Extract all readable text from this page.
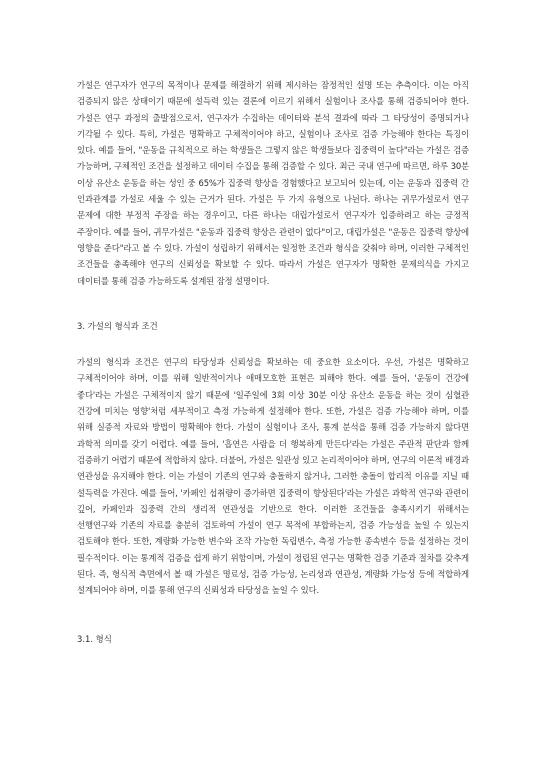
가설은 연구자가 연구의 목적이나 문제를 해결하기 위해 제시하는 잠정적인 설명 또는 추측이다. 이는 아직 검증되지 않은 상태이기 때문에 설득력 있는 결론에 이르기 위해서 실험이나 조사를 통해 검증되어야 한다. 가설은 연구 과정의 출발점으로서, 연구자가 수집하는 데이터와 분석 결과에 따라 그 타당성이 증명되거나 기각될 수 있다. 특히, 가설은 명확하고 구체적이어야 하고, 실험이나 조사로 검증 가능해야 한다는 특징이 있다. 예를 들어, "운동을 규칙적으로 하는 학생들은 그렇지 않은 학생들보다 집중력이 높다"라는 가설은 검증 가능하며, 구체적인 조건을 설정하고 데이터 수집을 통해 검증할 수 있다. 최근 국내 연구에 따르면, 하루 30분 이상 유산소 운동을 하는 성인 중 65%가 집중력 향상을 경험했다고 보고되어 있는데, 이는 운동과 집중력 간 인과관계를 가설로 세울 수 있는 근거가 된다. 가설은 두 가지 유형으로 나뉜다. 하나는 귀무가설로서 연구 문제에 대한 부정적 주장을 하는 경우이고, 다른 하나는 대립가설로서 연구자가 입증하려고 하는 긍정적 주장이다. 예를 들어, 귀무가설은 "운동과 집중력 향상은 관련이 없다"이고, 대립가설은 "운동은 집중력 향상에 영향을 준다"라고 볼 수 있다. 가설이 성립하기 위해서는 일정한 조건과 형식을 갖춰야 하며, 이러한 구체적인 조건들을 충족해야 연구의 신뢰성을 확보할 수 있다. 따라서 가설은 연구자가 명확한 문제의식을 가지고 데이터를 통해 검증 가능하도록 설계된 잠정 설명이다.

3. 가설의 형식과 조건

가설의 형식과 조건은 연구의 타당성과 신뢰성을 확보하는 데 중요한 요소이다. 우선, 가설은 명확하고 구체적이어야 하며, 이를 위해 일반적이거나 애매모호한 표현은 피해야 한다. 예를 들어, '운동이 건강에 좋다'라는 가설은 구체적이지 않기 때문에 '일주일에 3회 이상 30분 이상 유산소 운동을 하는 것이 심혈관 건강에 미치는 영향'처럼 세부적이고 측정 가능하게 설정해야 한다. 또한, 가설은 검증 가능해야 하며, 이를 위해 실증적 자료와 방법이 명확해야 한다. 가설이 실험이나 조사, 통계 분석을 통해 검증 가능하지 않다면 과학적 의미를 갖기 어렵다. 예를 들어, '흡연은 사람을 더 행복하게 만든다'라는 가설은 주관적 판단과 함께 검증하기 어렵기 때문에 적합하지 않다. 더불어, 가설은 일관성 있고 논리적이어야 하며, 연구의 이론적 배경과 연관성을 유지해야 한다. 이는 가설이 기존의 연구와 충돌하지 않거나, 그러한 충돌이 합리적 이유를 지닐 때 설득력을 가진다. 예를 들어, '카페인 섭취량이 증가하면 집중력이 향상된다'라는 가설은 과학적 연구와 관련이 깊어, 카페인과 집중력 간의 생리적 연관성을 기반으로 한다. 이러한 조건들을 충족시키기 위해서는 선행연구와 기존의 자료를 충분히 검토하여 가설이 연구 목적에 부합하는지, 검증 가능성을 높일 수 있는지 검토해야 한다. 또한, 계량화 가능한 변수와 조작 가능한 독립변수, 측정 가능한 종속변수 등을 설정하는 것이 필수적이다. 이는 통계적 검증을 쉽게 하기 위함이며, 가설이 정립된 연구는 명확한 검증 기준과 절차를 갖추게 된다. 즉, 형식적 측면에서 볼 때 가설은 명료성, 검증 가능성, 논리성과 연관성, 계량화 가능성 등에 적합하게 설계되어야 하며, 이를 통해 연구의 신뢰성과 타당성을 높일 수 있다.

3.1. 형식
